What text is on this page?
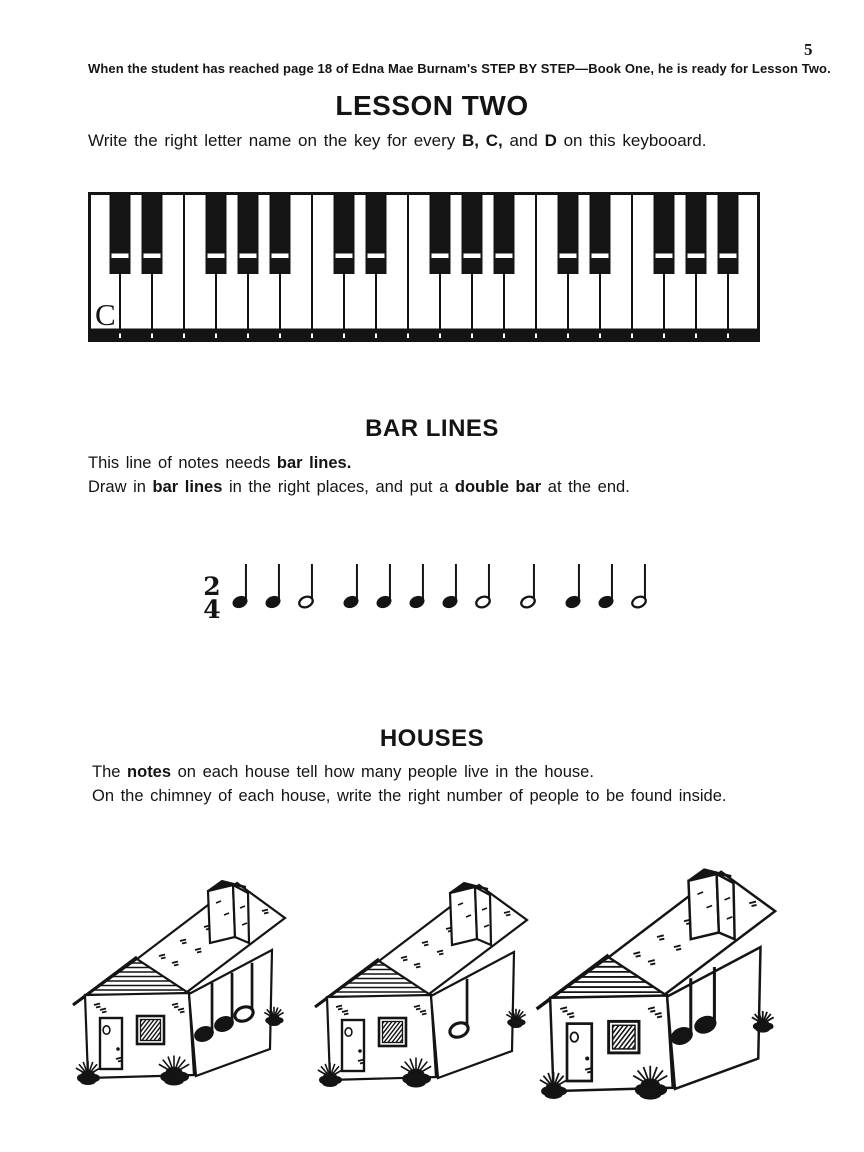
5
When the student has reached page 18 of Edna Mae Burnam's STEP BY STEP—Book One, he is ready for Lesson Two.
LESSON TWO
Write the right letter name on the key for every B, C, and D on this keybooard.
C
BAR LINES
This line of notes needs bar lines.
Draw in bar lines in the right places, and put a double bar at the end.
2
4
HOUSES
The notes on each house tell how many people live in the house.
On the chimney of each house, write the right number of people to be found inside.
